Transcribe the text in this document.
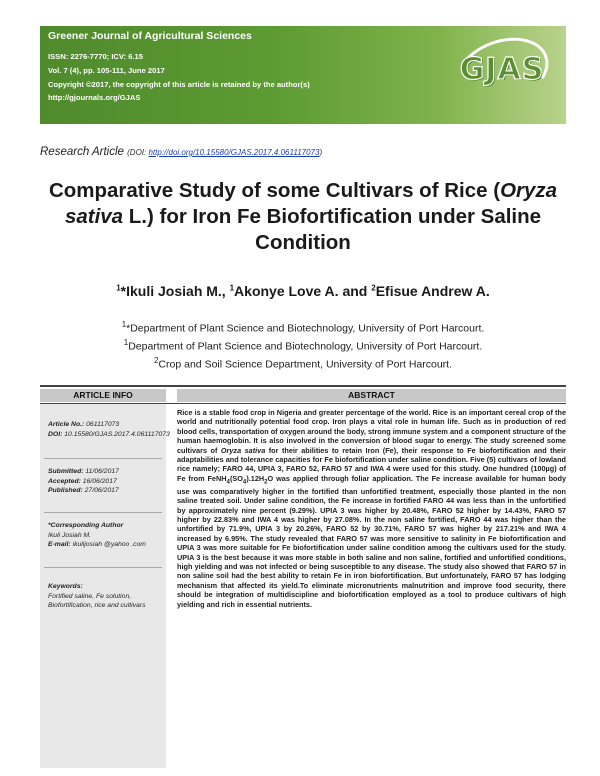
Greener Journal of Agricultural Sciences
ISSN: 2276-7770; ICV: 6.15
Vol. 7 (4), pp. 105-111, June 2017
Copyright ©2017, the copyright of this article is retained by the author(s)
http://gjournals.org/GJAS
GJAS
Research Article (DOI: http://doi.org/10.15580/GJAS.2017.4.061117073)
Comparative Study of some Cultivars of Rice (Oryza sativa L.) for Iron Fe Biofortification under Saline Condition
$^1$*Ikuli Josiah M., $^1$Akonye Love A. and $^2$Efisue Andrew A.
$^1$*Department of Plant Science and Biotechnology, University of Port Harcourt.
$^1$Department of Plant Science and Biotechnology, University of Port Harcourt.
$^2$Crop and Soil Science Department, University of Port Harcourt.
ARTICLE INFO	ABSTRACT
Article No.: 061117073
DOI: 10.15580/GJAS.2017.4.061117073
Submitted: 11/06/2017
Accepted: 16/06/2017
Published: 27/06/2017
*Corresponding Author
Ikuli Josiah M.
E-mail: ikulijosiah @yahoo .com
Keywords:
Fortified saline, Fe solution, Biofortification, rice and cultivars
Rice is a stable food crop in Nigeria and greater percentage of the world. Rice is an important cereal crop of the world and nutritionally potential food crop. Iron plays a vital role in human life. Such as in production of red blood cells, transportation of oxygen around the body, strong immune system and a component structure of the human haemoglobin. It is also involved in the conversion of blood sugar to energy. The study screened some cultivars of Oryza sativa for their abilities to retain Iron (Fe), their response to Fe biofortification and their adaptabilities and tolerance capacities for Fe biofortification under saline condition. Five (5) cultivars of lowland rice namely; FARO 44, UPIA 3, FARO 52, FARO 57 and IWA 4 were used for this study. One hundred (100µg) of Fe from $FeNH_4(SO_4).12H_2O$ was applied through foliar application. The Fe increase available for human body use was comparatively higher in the fortified than unfortified treatment, especially those planted in the non saline treated soil. Under saline condition, the Fe increase in fortified FARO 44 was less than in the unfortified by approximately nine percent (9.29%). UPIA 3 was higher by 20.48%, FARO 52 higher by 14.43%, FARO 57 higher by 22.83% and IWA 4 was higher by 27.08%. In the non saline fortified, FARO 44 was higher than the unfortified by 71.9%, UPIA 3 by 20.26%, FARO 52 by 30.71%, FARO 57 was higher by 217.21% and IWA 4 increased by 6.95%. The study revealed that FARO 57 was more sensitive to salinity in Fe biofortification and UPIA 3 was more suitable for Fe biofortification under saline condition among the cultivars used for the study. UPIA 3 is the best because it was more stable in both saline and non saline, fortified and unfortified conditions, high yielding and was not infected or being susceptible to any disease. The study also showed that FARO 57 in non saline soil had the best ability to retain Fe in iron biofortification. But unfortunately, FARO 57 has lodging mechanism that affected its yield.To eliminate micronutrients malnutrition and improve food security, there should be integration of multidiscipline and biofortification employed as a tool to produce cultivars of high yielding and rich in essential nutrients.
